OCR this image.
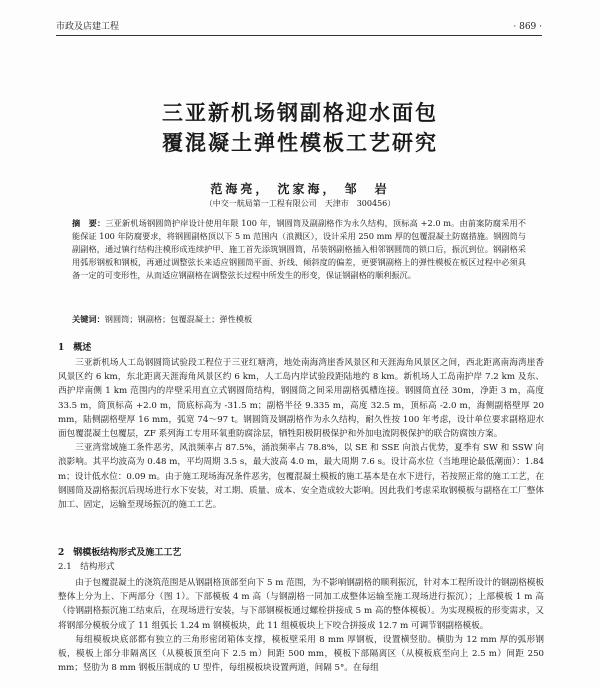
市政及店建工程	· 869 ·
三亚新机场钢副格迎水面包
覆混凝土弹性模板工艺研究
范海亮， 沈家海， 邹　岩
（中交一航局第一工程有限公司　天津市　300456）
摘　要：三亚新机场钢圆筒护岸设计使用年限 100 年，钢圆筒及副副格作为永久结构，顶标高 +2.0 m。由前案防腐采用不能保证 100 年防腐要求，将钢圆副格顶以下 5 m 范围内（浪溅区），设计采用 250 mm 厚的包覆混凝土防腐措施。钢圆筒与副副格，通过镇行结构注模形成连续护甲、施工首先添筑钢圆筒，吊装钢副格插入相邻钢圆筒的锁口后，振沉到位。钢副格采用弧形钢板和钢板，再通过调整弦长来适应钢圆筒平面、折线、倾斜度的偏差，更要钢副格上的弹性模板在板区过程中必须具备一定的可变形性，从而适应钢副格在调整弦长过程中所发生的形变，保证钢副格的顺利振沉。
关键词：钢圆筒；钢副格；包覆混凝土；弹性模板
1　概述

三亚新机场人工岛钢圆筒试验段工程位于三亚红塘湾，地处南海湾崖香风景区和天涯海角风景区之间，西北距离南海湾崖香风景区约 6 km，东北距离天涯海角风景区约 6 km，人工岛内岸试验段距陆地约 8 km。新机场人工岛南护岸 7.2 km 及东、西护岸南侧 1 km 范围内的岸壁采用直立式钢圆筒结构，钢圆筒之间采用副格弧槽连接。钢圆筒直径 30m，净距 3 m，高度 33.5 m，筒顶标高 +2.0 m，筒底标高为 -31.5 m；副格半径 9.335 m，高度 32.5 m，顶标高 -2.0 m，海侧副格壁厚 20 mm，陆侧副格壁厚 16 mm，弧宽 74～97 t。钢圆筒及钢副格作为永久结构，耐久性按 100 年考虑，设计单位要求副格迎水面包覆混凝土包覆层，ZF 系列海工专用环氧重防腐涂层，牺牲阳极阴极保护和外加电流阴极保护的联合防腐蚀方案。

三亚湾常域施工条件恶劣，风浪频率占 87.5%，涌浪频率占 78.8%，以 SE 和 SSE 向浪占优势，夏季有 SW 和 SSW 向浪影响。其平均波高为 0.48 m，平均周期 3.5 s，最大波高 4.0 m，最大周期 7.6 s。设计高水位（当地理论最低潮面）：1.84 m；设计低水位：0.09 m。由于施工现场海况条件恶劣，包覆混凝土模板的施工基本是在水下进行，若按照正常的施工工艺，在钢圆筒及副格振沉后现场进行水下安装，对工期、质量、成本、安全造成较大影响。因此我们考虑采取钢模板与副格在工厂整体加工、固定，运输至现场振沉的施工工艺。

2　钢模板结构形式及施工工艺
2.1　结构形式

由于包覆混凝土的浇筑范围是从钢副格顶部至向下 5 m 范围，为不影响钢副格的顺利振沉，针对本工程所设计的钢副格模板整体上分为上、下两部分（图 1）。下部模板 4 m 高（与钢副格一同加工成整体运输至施工现场进行振沉）；上部模板 1 m 高（待钢副格振沉施工结束后，在现场进行安装，与下部钢模板通过螺栓拼接成 5 m 高的整体模板）。为实现模板的形变需求，又将钢部分模板分成了 11 组弧长 1.24 m 钢模板块，此 11 组模板块上下咬合拼接成 12.7 m 可调节钢副格模板。

每组模板块底部都有独立的三角形密闭箱体支撑，模板壁采用 8 mm 厚钢板，设置横竖肋。横肋为 12 mm 厚的弧形钢板，模板上部分非隔离区（从模板顶至向下 2.5 m）间距 500 mm，模板下部隔离区（从模板底至向上 2.5 m）间距 250 mm；竖肋为 8 mm 钢板压制成的 U 型件，每组模板块设置两道，间隔 5°。在每组
